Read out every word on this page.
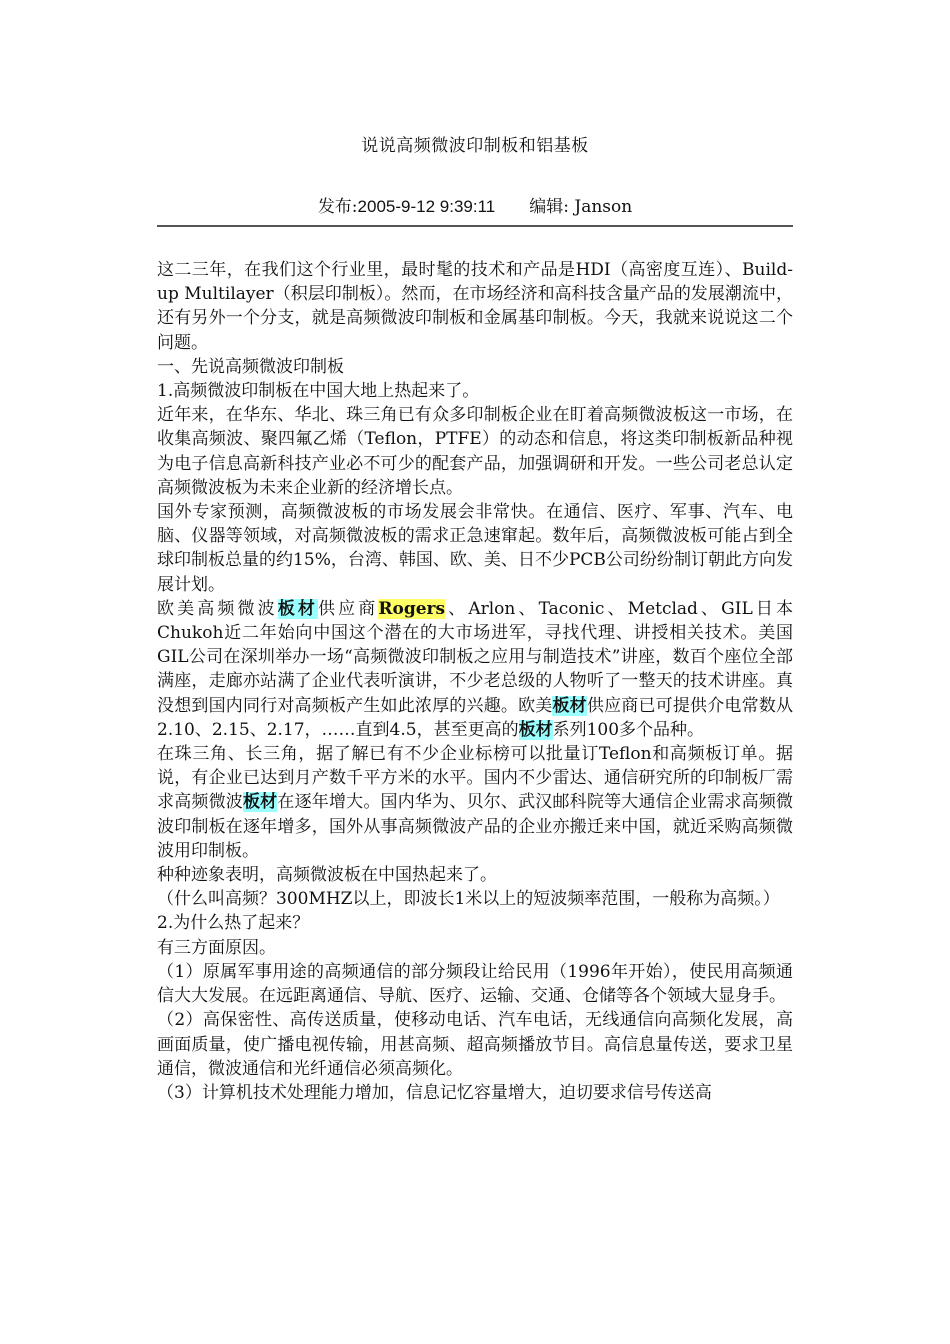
说说高频微波印制板和铝基板
发布:2005-9-12 9:39:11 编辑: Janson

这二三年，在我们这个行业里，最时髦的技术和产品是HDI（高密度互连）、Build-up Multilayer（积层印制板）。然而，在市场经济和高科技含量产品的发展潮流中，还有另外一个分支，就是高频微波印制板和金属基印制板。今天，我就来说说这二个问题。

一、先说高频微波印制板

1.高频微波印制板在中国大地上热起来了。

近年来，在华东、华北、珠三角已有众多印制板企业在盯着高频微波板这一市场，在收集高频波、聚四氟乙烯（Teflon，PTFE）的动态和信息，将这类印制板新品种视为电子信息高新科技产业必不可少的配套产品，加强调研和开发。一些公司老总认定高频微波板为未来企业新的经济增长点。

国外专家预测，高频微波板的市场发展会非常快。在通信、医疗、军事、汽车、电脑、仪器等领域，对高频微波板的需求正急速窜起。数年后，高频微波板可能占到全球印制板总量的约15%，台湾、韩国、欧、美、日不少PCB公司纷纷制订朝此方向发展计划。

欧美高频微波板材供应商Rogers、Arlon、Taconic、Metclad、GIL日本Chukoh近二年始向中国这个潜在的大市场进军，寻找代理、讲授相关技术。美国GIL公司在深圳举办一场“高频微波印制板之应用与制造技术”讲座，数百个座位全部满座，走廊亦站满了企业代表听演讲，不少老总级的人物听了一整天的技术讲座。真没想到国内同行对高频板产生如此浓厚的兴趣。欧美板材供应商已可提供介电常数从2.10、2.15、2.17，……直到4.5，甚至更高的板材系列100多个品种。

在珠三角、长三角，据了解已有不少企业标榜可以批量订Teflon和高频板订单。据说，有企业已达到月产数千平方米的水平。国内不少雷达、通信研究所的印制板厂需求高频微波板材在逐年增大。国内华为、贝尔、武汉邮科院等大通信企业需求高频微波印制板在逐年增多，国外从事高频微波产品的企业亦搬迁来中国，就近采购高频微波用印制板。

种种迹象表明，高频微波板在中国热起来了。

（什么叫高频？300MHZ以上，即波长1米以上的短波频率范围，一般称为高频。）

2.为什么热了起来？

有三方面原因。

（1）原属军事用途的高频通信的部分频段让给民用（1996年开始），使民用高频通信大大发展。在远距离通信、导航、医疗、运输、交通、仓储等各个领域大显身手。

（2）高保密性、高传送质量，使移动电话、汽车电话，无线通信向高频化发展，高画面质量，使广播电视传输，用甚高频、超高频播放节目。高信息量传送，要求卫星通信，微波通信和光纤通信必须高频化。

（3）计算机技术处理能力增加，信息记忆容量增大，迫切要求信号传送高
